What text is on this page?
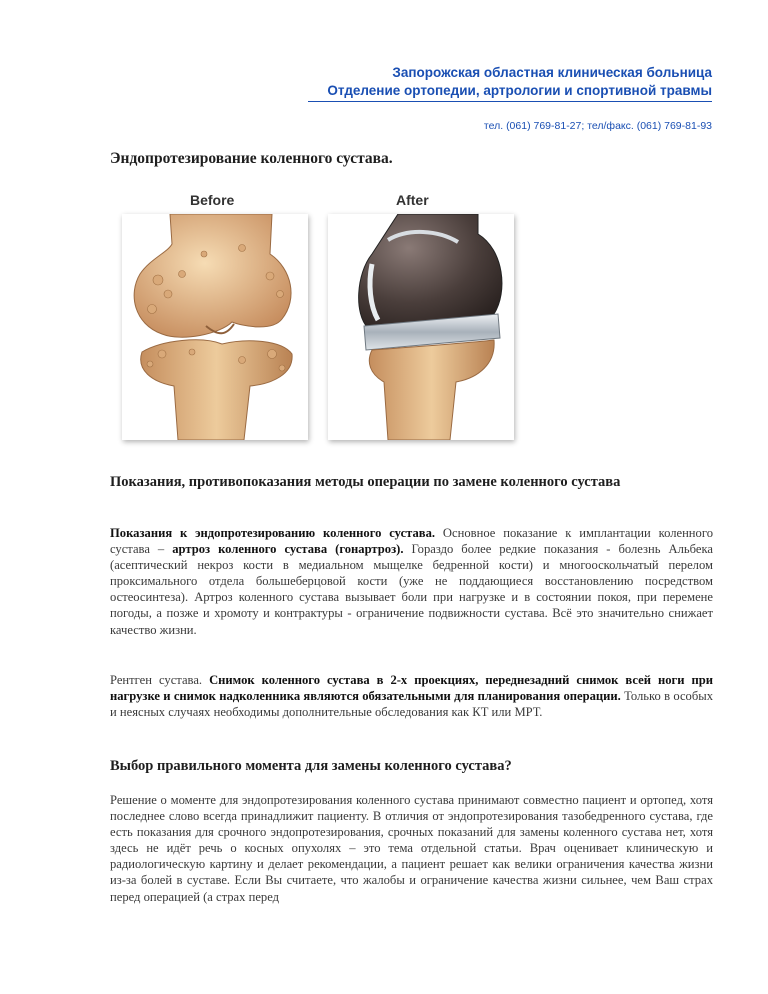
Запорожская областная клиническая больница
Отделение ортопедии, артрологии и спортивной травмы
тел. (061) 769-81-27; тел/факс. (061) 769-81-93
Эндопротезирование коленного сустава.
Before	After
Показания, противопоказания методы операции по замене коленного сустава

Показания к эндопротезированию коленного сустава. Основное показание к имплантации коленного сустава – артроз коленного сустава (гонартроз). Гораздо более редкие показания - болезнь Альбека (асептический некроз кости в медиальном мыщелке бедренной кости) и многооскольчатый перелом проксимального отдела большеберцовой кости (уже не поддающиеся восстановлению посредством остеосинтеза). Артроз коленного сустава вызывает боли при нагрузке и в состоянии покоя, при перемене погоды, а позже и хромоту и контрактуры - ограничение подвижности сустава. Всё это значительно снижает качество жизни.

Рентген сустава. Снимок коленного сустава в 2-х проекциях, переднезадний снимок всей ноги при нагрузке и снимок надколенника являются обязательными для планирования операции. Только в особых и неясных случаях необходимы дополнительные обследования как КТ или МРТ.

Выбор правильного момента для замены коленного сустава?

Решение о моменте для эндопротезирования коленного сустава принимают совместно пациент и ортопед, хотя последнее слово всегда принадлижит пациенту. В отличия от эндопротезирования тазобедренного сустава, где есть показания для срочного эндопротезирования, срочных показаний для замены коленного сустава нет, хотя здесь не идёт речь о косных опухолях – это тема отдельной статьи. Врач оценивает клиническую и радиологическую картину и делает рекомендации, а пациент решает как велики ограничения качества жизни из-за болей в суставе. Если Вы считаете, что жалобы и ограничение качества жизни сильнее, чем Ваш страх перед операцией (а страх перед
